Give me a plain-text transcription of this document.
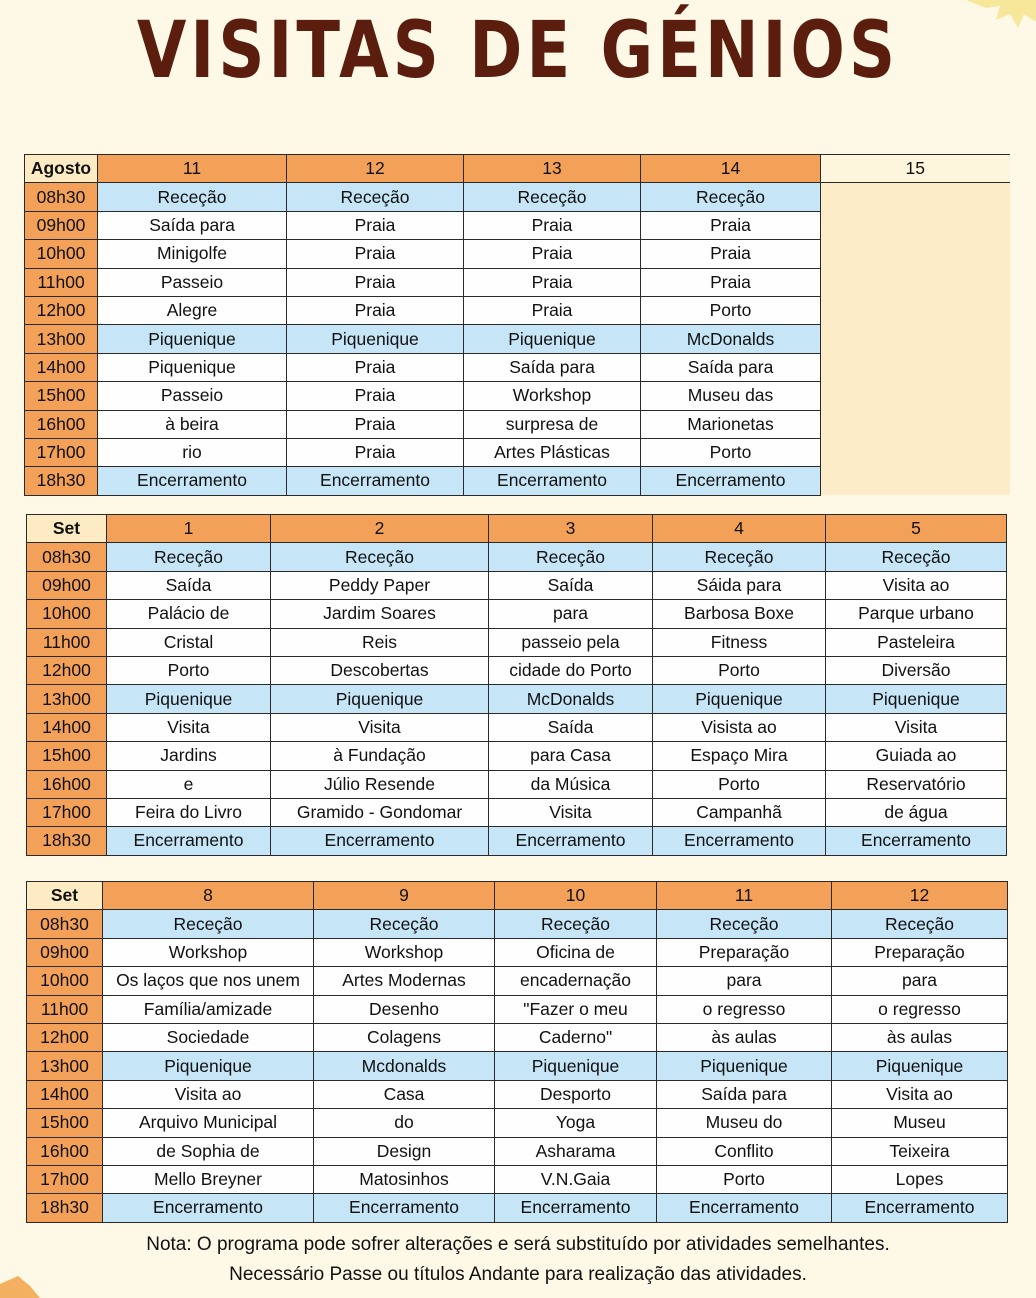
VISITAS DE GÉNIOS
Agosto	11	12	13	14	15
08h30	Receção	Receção	Receção	Receção	
09h00	Saída para	Praia	Praia	Praia	
10h00	Minigolfe	Praia	Praia	Praia	
11h00	Passeio	Praia	Praia	Praia	
12h00	Alegre	Praia	Praia	Porto	
13h00	Piquenique	Piquenique	Piquenique	McDonalds	
14h00	Piquenique	Praia	Saída para	Saída para	
15h00	Passeio	Praia	Workshop	Museu das	
16h00	à beira	Praia	surpresa de	Marionetas	
17h00	rio	Praia	Artes Plásticas	Porto	
18h30	Encerramento	Encerramento	Encerramento	Encerramento	
Set	1	2	3	4	5
08h30	Receção	Receção	Receção	Receção	Receção
09h00	Saída	Peddy Paper	Saída	Sáida para	Visita ao
10h00	Palácio de	Jardim Soares	para	Barbosa Boxe	Parque urbano
11h00	Cristal	Reis	passeio pela	Fitness	Pasteleira
12h00	Porto	Descobertas	cidade do Porto	Porto	Diversão
13h00	Piquenique	Piquenique	McDonalds	Piquenique	Piquenique
14h00	Visita	Visita	Saída	Visista ao	Visita
15h00	Jardins	à Fundação	para Casa	Espaço Mira	Guiada ao
16h00	e	Júlio Resende	da Música	Porto	Reservatório
17h00	Feira do Livro	Gramido - Gondomar	Visita	Campanhã	de água
18h30	Encerramento	Encerramento	Encerramento	Encerramento	Encerramento
Set	8	9	10	11	12
08h30	Receção	Receção	Receção	Receção	Receção
09h00	Workshop	Workshop	Oficina de	Preparação	Preparação
10h00	Os laços que nos unem	Artes Modernas	encadernação	para	para
11h00	Família/amizade	Desenho	"Fazer o meu	o regresso	o regresso
12h00	Sociedade	Colagens	Caderno"	às aulas	às aulas
13h00	Piquenique	Mcdonalds	Piquenique	Piquenique	Piquenique
14h00	Visita ao	Casa	Desporto	Saída para	Visita ao
15h00	Arquivo Municipal	do	Yoga	Museu do	Museu
16h00	de Sophia de	Design	Asharama	Conflito	Teixeira
17h00	Mello Breyner	Matosinhos	V.N.Gaia	Porto	Lopes
18h30	Encerramento	Encerramento	Encerramento	Encerramento	Encerramento
Nota: O programa pode sofrer alterações e será substituído por atividades semelhantes.
Necessário Passe ou títulos Andante para realização das atividades.
